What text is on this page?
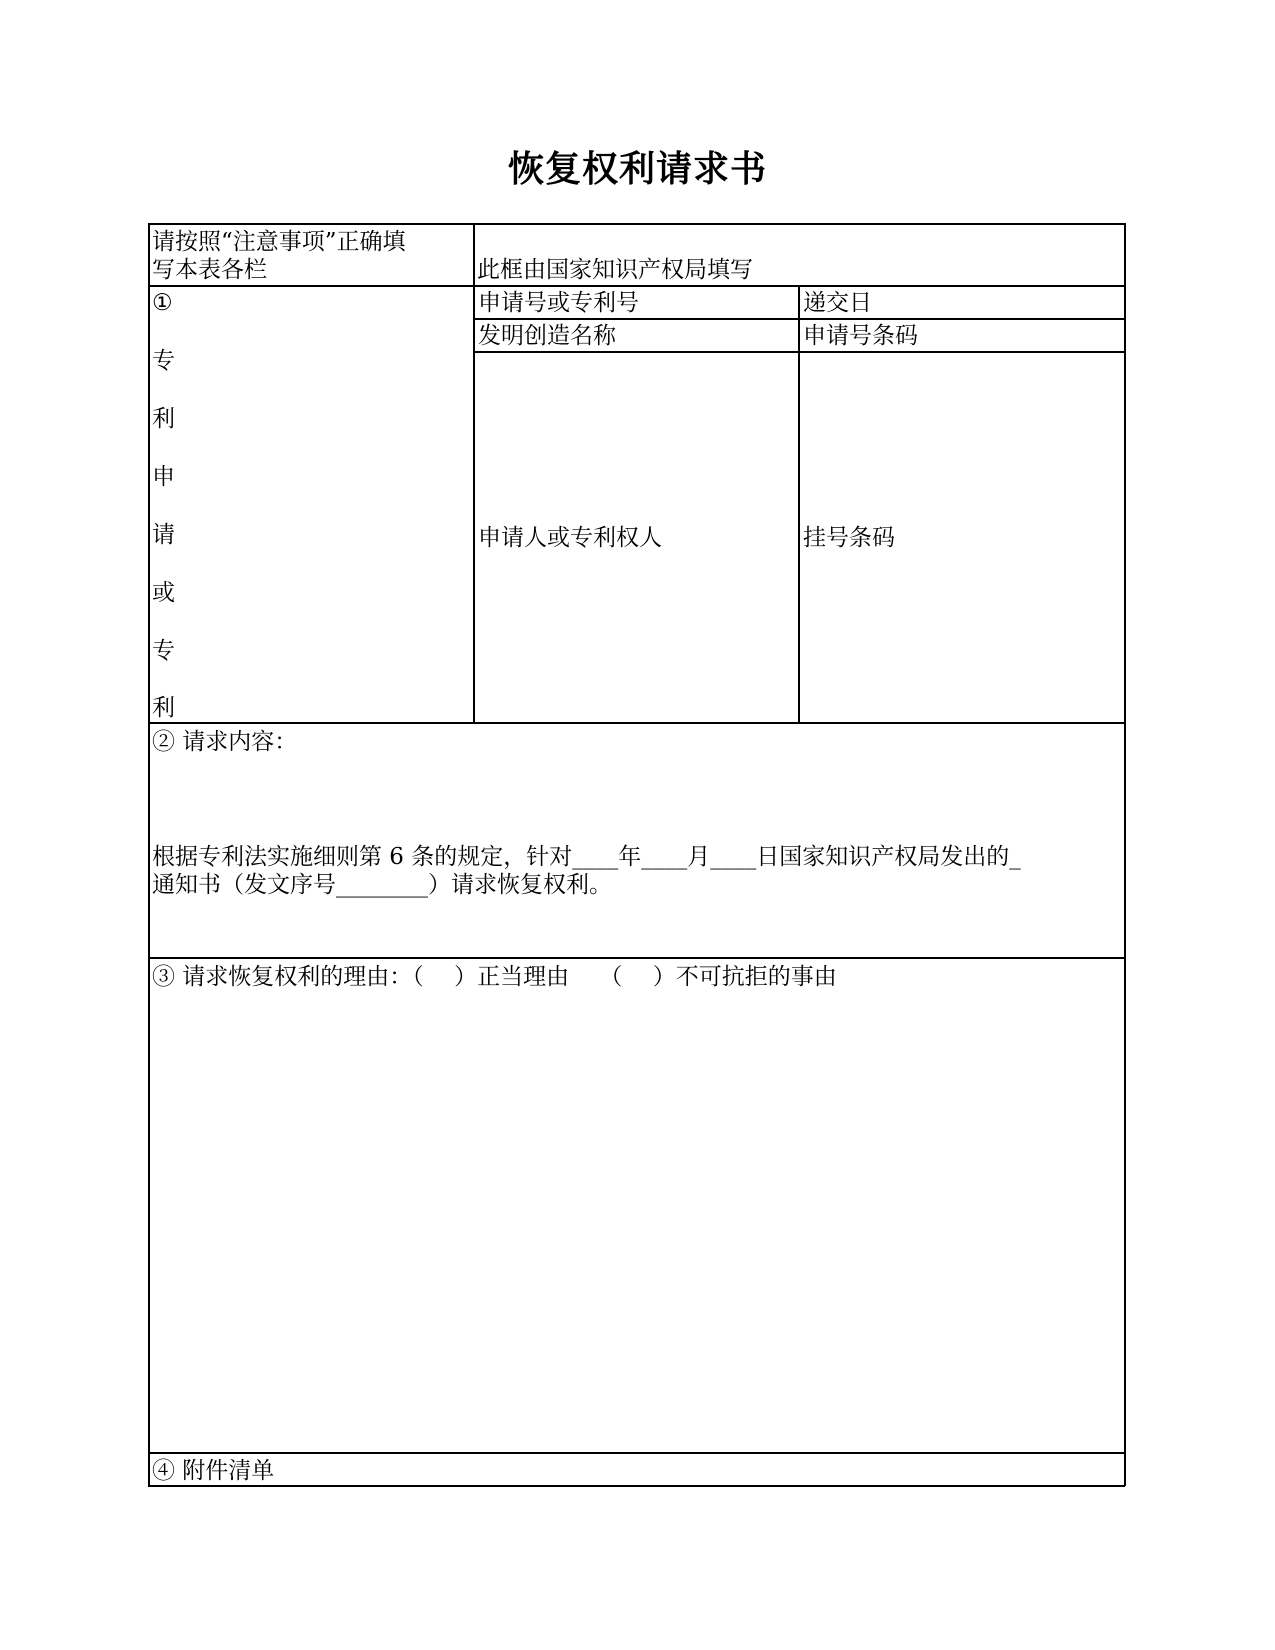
恢复权利请求书
请按照“注意事项”正确填
写本表各栏	此框由国家知识产权局填写
①
专
利
申
请
或
专
利
申请号或专利号	递交日
发明创造名称	申请号条码
申请人或专利权人	挂号条码
② 请求内容：
根据专利法实施细则第 6 条的规定，针对____年____月____日国家知识产权局发出的_
通知书（发文序号________）请求恢复权利。
③ 请求恢复权利的理由：（　 ）正当理由　 （　 ）不可抗拒的事由
④ 附件清单
